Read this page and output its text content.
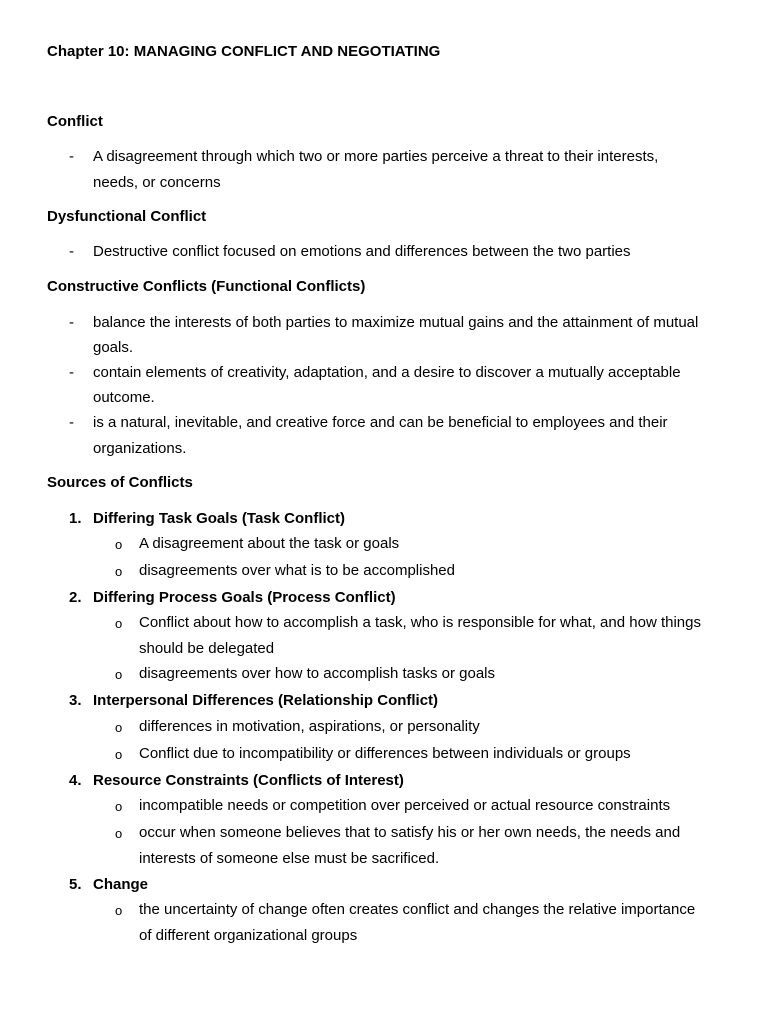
Chapter 10: MANAGING CONFLICT AND NEGOTIATING
Conflict
- A disagreement through which two or more parties perceive a threat to their interests,
needs, or concerns
Dysfunctional Conflict
- Destructive conflict focused on emotions and differences between the two parties
Constructive Conflicts (Functional Conflicts)
- balance the interests of both parties to maximize mutual gains and the attainment of mutual
goals.
- contain elements of creativity, adaptation, and a desire to discover a mutually acceptable
outcome.
- is a natural, inevitable, and creative force and can be beneficial to employees and their
organizations.
Sources of Conflicts
1. Differing Task Goals (Task Conflict)
o A disagreement about the task or goals
o disagreements over what is to be accomplished
2. Differing Process Goals (Process Conflict)
o Conflict about how to accomplish a task, who is responsible for what, and how things
should be delegated
o disagreements over how to accomplish tasks or goals
3. Interpersonal Differences (Relationship Conflict)
o differences in motivation, aspirations, or personality
o Conflict due to incompatibility or differences between individuals or groups
4. Resource Constraints (Conflicts of Interest)
o incompatible needs or competition over perceived or actual resource constraints
o occur when someone believes that to satisfy his or her own needs, the needs and
interests of someone else must be sacrificed.
5. Change
o the uncertainty of change often creates conflict and changes the relative importance
of different organizational groups
